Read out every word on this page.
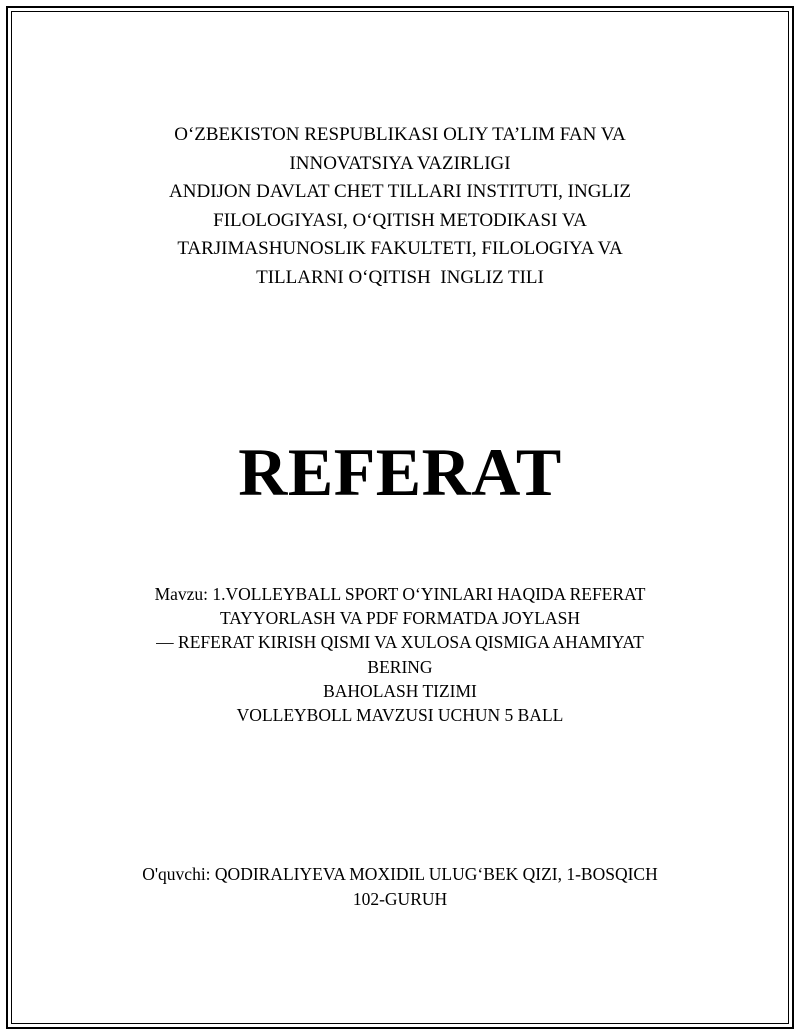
O‘ZBEKISTON RESPUBLIKASI OLIY TA’LIM FAN VA
INNOVATSIYA VAZIRLIGI
ANDIJON DAVLAT CHET TILLARI INSTITUTI, INGLIZ
FILOLOGIYASI, O‘QITISH METODIKASI VA
TARJIMASHUNOSLIK FAKULTETI, FILOLOGIYA VA
TILLARNI O‘QITISH  INGLIZ TILI
REFERAT
Mavzu: 1.VOLLEYBALL SPORT O‘YINLARI HAQIDA REFERAT
TAYYORLASH VA PDF FORMATDA JOYLASH
— REFERAT KIRISH QISMI VA XULOSA QISMIGA AHAMIYAT
BERING
BAHOLASH TIZIMI
VOLLEYBOLL MAVZUSI UCHUN 5 BALL
O'quvchi: QODIRALIYEVA MOXIDIL ULUG‘BEK QIZI, 1-BOSQICH
102-GURUH
